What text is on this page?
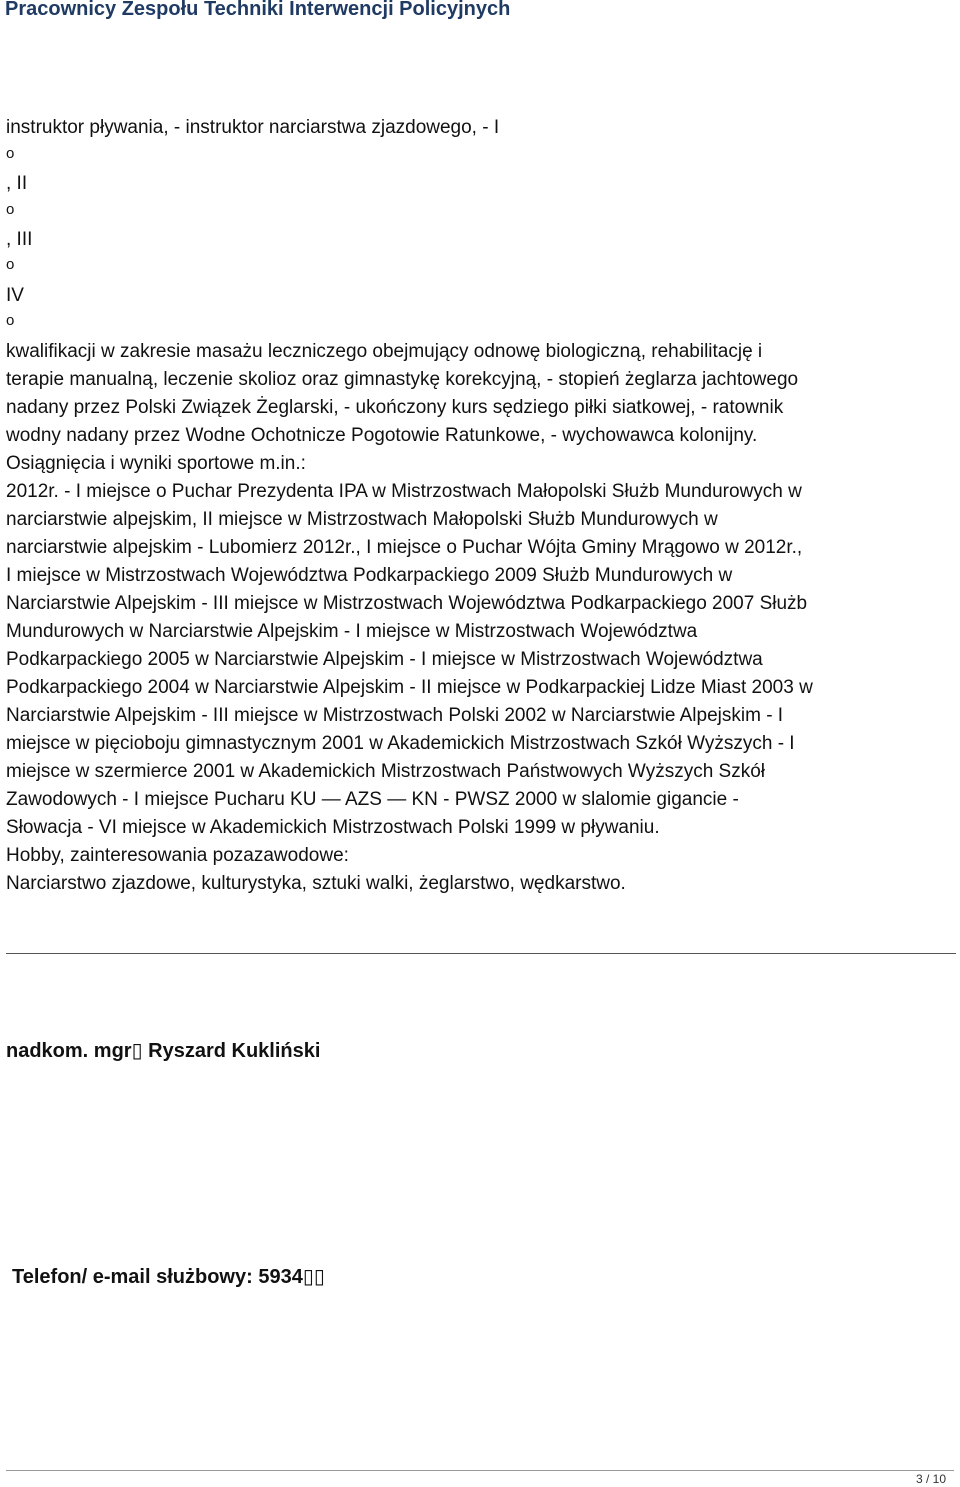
Pracownicy Zespołu Techniki Interwencji Policyjnych
instruktor pływania, - instruktor narciarstwa zjazdowego, - I
o
, II
o
, III
o
IV
o
kwalifikacji w zakresie masażu leczniczego obejmujący odnowę biologiczną, rehabilitację i
terapie manualną, leczenie skolioz oraz gimnastykę korekcyjną, - stopień żeglarza jachtowego
nadany przez Polski Związek Żeglarski, - ukończony kurs sędziego piłki siatkowej, - ratownik
wodny nadany przez Wodne Ochotnicze Pogotowie Ratunkowe, - wychowawca kolonijny.
Osiągnięcia i wyniki sportowe m.in.:
2012r. - I miejsce o Puchar Prezydenta IPA w Mistrzostwach Małopolski Służb Mundurowych w
narciarstwie alpejskim, II miejsce w Mistrzostwach Małopolski Służb Mundurowych w
narciarstwie alpejskim - Lubomierz 2012r., I miejsce o Puchar Wójta Gminy Mrągowo w 2012r.,
I miejsce w Mistrzostwach Województwa Podkarpackiego 2009 Służb Mundurowych w
Narciarstwie Alpejskim - III miejsce w Mistrzostwach Województwa Podkarpackiego 2007 Służb
Mundurowych w Narciarstwie Alpejskim - I miejsce w Mistrzostwach Województwa
Podkarpackiego 2005 w Narciarstwie Alpejskim - I miejsce w Mistrzostwach Województwa
Podkarpackiego 2004 w Narciarstwie Alpejskim - II miejsce w Podkarpackiej Lidze Miast 2003 w
Narciarstwie Alpejskim - III miejsce w Mistrzostwach Polski 2002 w Narciarstwie Alpejskim - I
miejsce w pięcioboju gimnastycznym 2001 w Akademickich Mistrzostwach Szkół Wyższych - I
miejsce w szermierce 2001 w Akademickich Mistrzostwach Państwowych Wyższych Szkół
Zawodowych - I miejsce Pucharu KU — AZS — KN - PWSZ 2000 w slalomie gigancie -
Słowacja - VI miejsce w Akademickich Mistrzostwach Polski 1999 w pływaniu.
Hobby, zainteresowania pozazawodowe:
Narciarstwo zjazdowe, kulturystyka, sztuki walki, żeglarstwo, wędkarstwo.
nadkom. mgr▯ Ryszard Kukliński
Telefon/ e-mail służbowy: 5934▯▯
3 / 10
